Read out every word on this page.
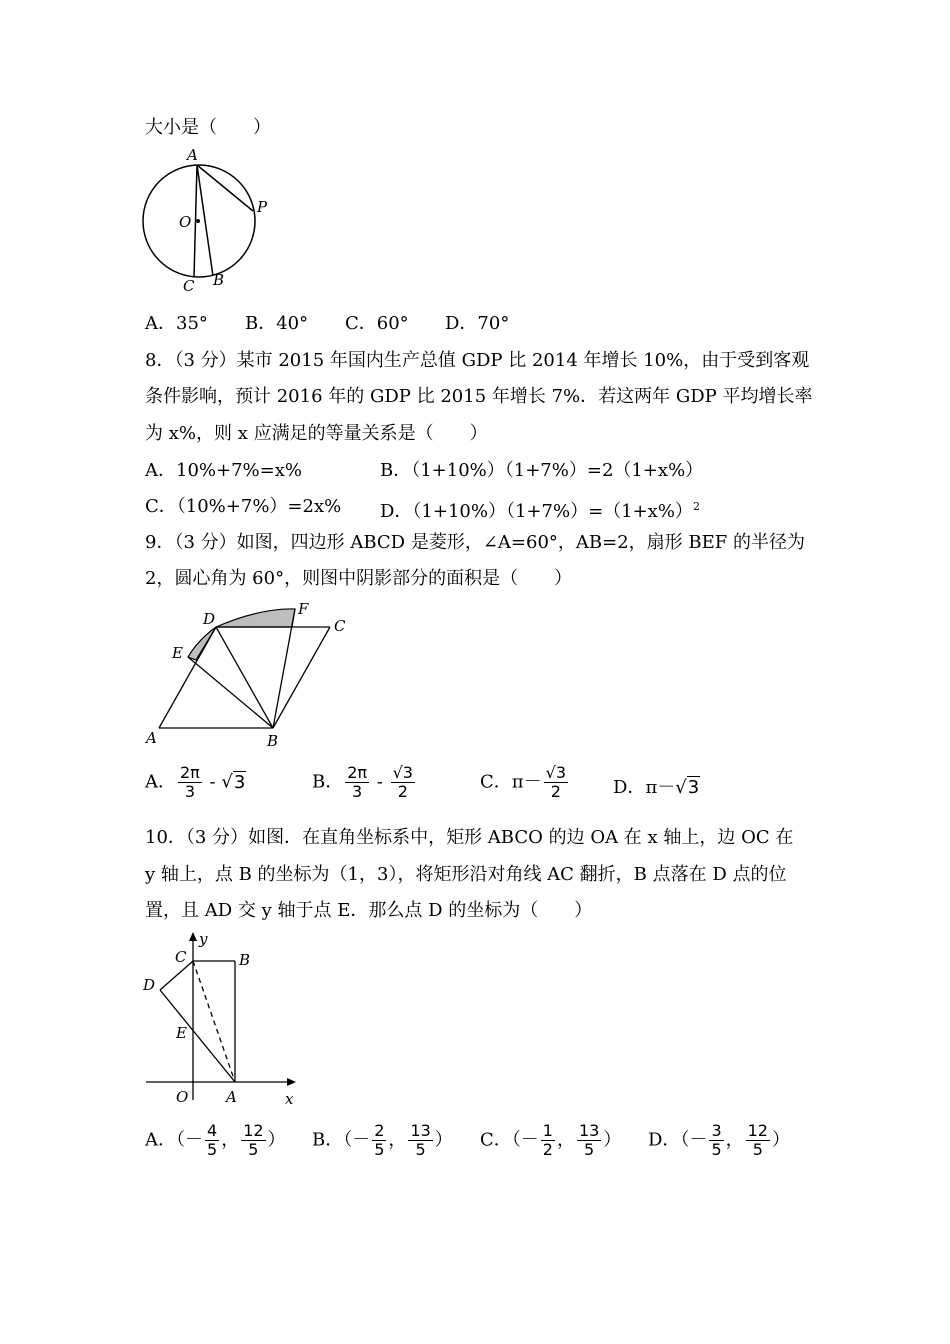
大小是（　　）
A
O
P
C B
A．35° B．40° C．60° D．70°
8．（3 分）某市 2015 年国内生产总值 GDP 比 2014 年增长 10%，由于受到客观
条件影响，预计 2016 年的 GDP 比 2015 年增长 7%．若这两年 GDP 平均增长率
为 x%，则 x 应满足的等量关系是（　　）
A．10%+7%=x%	B．（1+10%）（1+7%）=2（1+x%）
C．（10%+7%）=2x% D．$(1+10\%)(1+7\%)=(1+x\%)^2$
9．（3 分）如图，四边形 ABCD 是菱形，∠A=60°，AB=2，扇形 BEF 的半径为
2，圆心角为 60°，则图中阴影部分的面积是（　　）
D
F
C
E
A	B
A． $\frac{2\pi}{3} - √3$	B． $\frac{2\pi}{3} - \frac{√3}{2}$	C．$\pi- \frac{√3}{2}$	D．π－√3
10．（3 分）如图．在直角坐标系中，矩形 ABCO 的边 OA 在 x 轴上，边 OC 在
y 轴上，点 B 的坐标为（1，3），将矩形沿对角线 AC 翻折，B 点落在 D 点的位
置，且 AD 交 y 轴于点 E．那么点 D 的坐标为（　　）
y
C	B
D
E
O	A	x
A．（－ $\frac{4}{5}$ ， $\frac{12}{5}$ ） B．（－ $\frac{2}{5}$ ， $\frac{13}{5}$ ） C．（－ $\frac{1}{2}$ ， $\frac{13}{5}$ ） D．（－ $\frac{3}{5}$ ， $\frac{12}{5}$ ）
